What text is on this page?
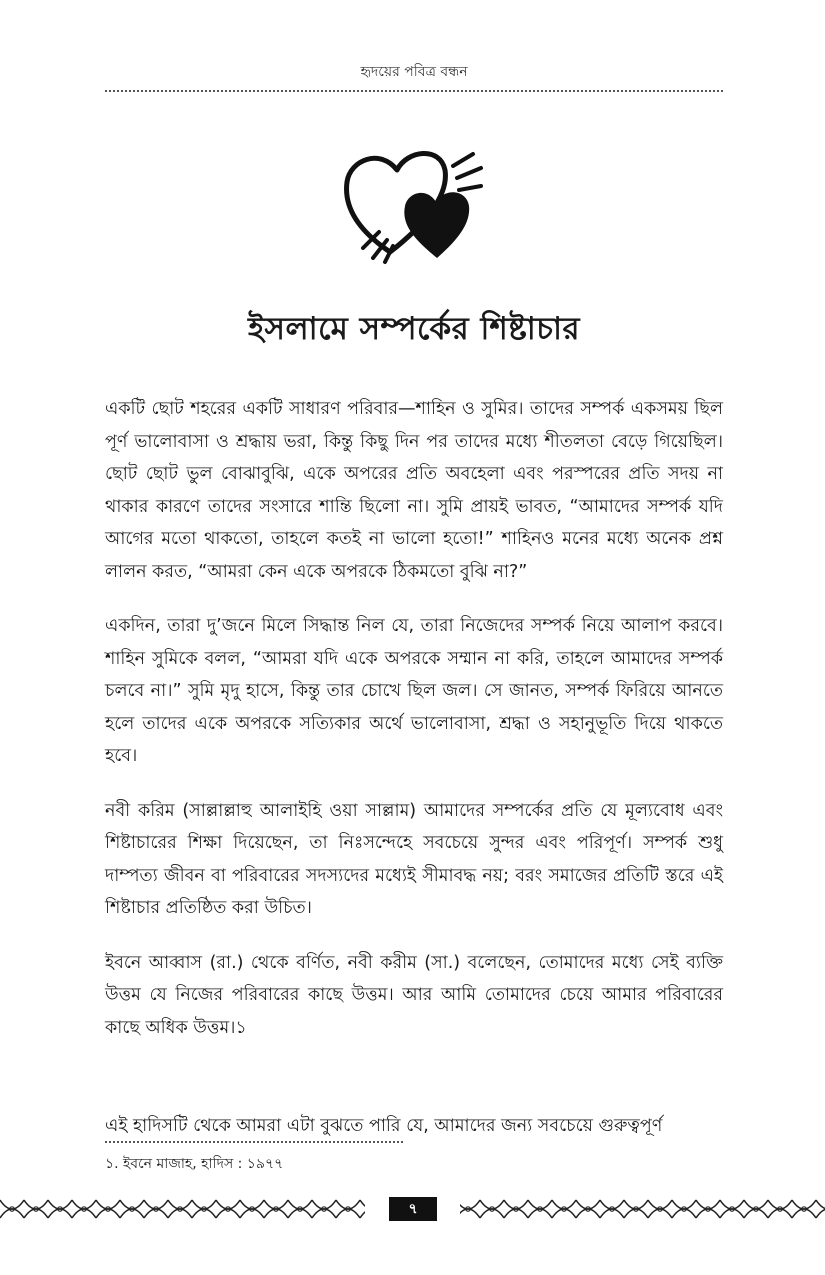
হৃদয়ের পবিত্র বন্ধন
ইসলামে সম্পর্কের শিষ্টাচার

একটি ছোট শহরের একটি সাধারণ পরিবার—শাহিন ও সুমির। তাদের সম্পর্ক একসময় ছিল পূর্ণ ভালোবাসা ও শ্রদ্ধায় ভরা, কিন্তু কিছু দিন পর তাদের মধ্যে শীতলতা বেড়ে গিয়েছিল। ছোট ছোট ভুল বোঝাবুঝি, একে অপরের প্রতি অবহেলা এবং পরস্পরের প্রতি সদয় না থাকার কারণে তাদের সংসারে শান্তি ছিলো না। সুমি প্রায়ই ভাবত, “আমাদের সম্পর্ক যদি আগের মতো থাকতো, তাহলে কতই না ভালো হতো!” শাহিনও মনের মধ্যে অনেক প্রশ্ন লালন করত, “আমরা কেন একে অপরকে ঠিকমতো বুঝি না?”

একদিন, তারা দু’জনে মিলে সিদ্ধান্ত নিল যে, তারা নিজেদের সম্পর্ক নিয়ে আলাপ করবে। শাহিন সুমিকে বলল, “আমরা যদি একে অপরকে সম্মান না করি, তাহলে আমাদের সম্পর্ক চলবে না।” সুমি মৃদু হাসে, কিন্তু তার চোখে ছিল জল। সে জানত, সম্পর্ক ফিরিয়ে আনতে হলে তাদের একে অপরকে সত্যিকার অর্থে ভালোবাসা, শ্রদ্ধা ও সহানুভূতি দিয়ে থাকতে হবে।

নবী করিম (সাল্লাল্লাহু আলাইহি ওয়া সাল্লাম) আমাদের সম্পর্কের প্রতি যে মূল্যবোধ এবং শিষ্টাচারের শিক্ষা দিয়েছেন, তা নিঃসন্দেহে সবচেয়ে সুন্দর এবং পরিপূর্ণ। সম্পর্ক শুধু দাম্পত্য জীবন বা পরিবারের সদস্যদের মধ্যেই সীমাবদ্ধ নয়; বরং সমাজের প্রতিটি স্তরে এই শিষ্টাচার প্রতিষ্ঠিত করা উচিত।

ইবনে আব্বাস (রা.) থেকে বর্ণিত, নবী করীম (সা.) বলেছেন, তোমাদের মধ্যে সেই ব্যক্তি উত্তম যে নিজের পরিবারের কাছে উত্তম। আর আমি তোমাদের চেয়ে আমার পরিবারের কাছে অধিক উত্তম।১

এই হাদিসটি থেকে আমরা এটা বুঝতে পারি যে, আমাদের জন্য সবচেয়ে গুরুত্বপূর্ণ
১. ইবনে মাজাহ, হাদিস : ১৯৭৭
৭
